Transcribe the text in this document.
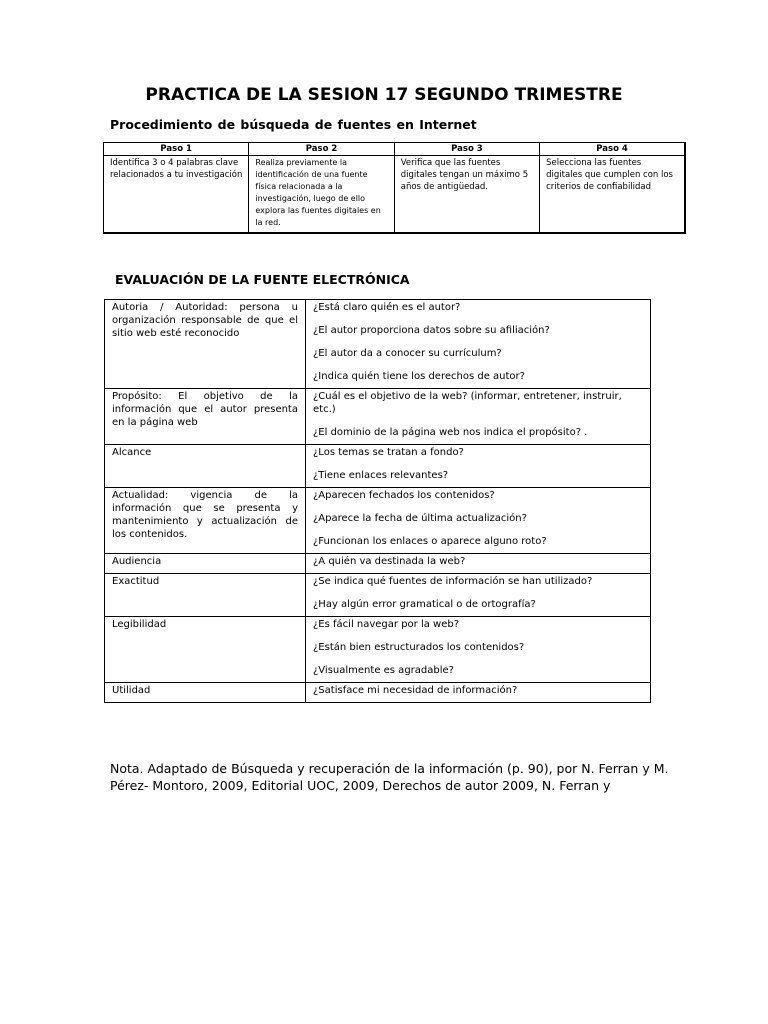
PRACTICA DE LA SESION 17 SEGUNDO TRIMESTRE
Procedimiento de búsqueda de fuentes en Internet
Paso 1	Paso 2	Paso 3	Paso 4
Identifica 3 o 4 palabras clave relacionados a tu investigación	Realiza previamente la identificación de una fuente física relacionada a la investigación, luego de ello explora las fuentes digitales en la red.	Verifica que las fuentes digitales tengan un máximo 5 años de antigüedad.	Selecciona las fuentes digitales que cumplen con los criterios de confiabilidad
EVALUACIÓN DE LA FUENTE ELECTRÓNICA
Autoria / Autoridad: persona u organización responsable de que el sitio web esté reconocido	¿Está claro quién es el autor?

¿El autor proporciona datos sobre su afiliación?

¿El autor da a conocer su currículum?

¿Indica quién tiene los derechos de autor?

Propósito: El objetivo de la información que el autor presenta en la página web	¿Cuál es el objetivo de la web? (informar, entretener, instruir, etc.)

¿El dominio de la página web nos indica el propósito? .

Alcance	¿Los temas se tratan a fondo?

¿Tiene enlaces relevantes?

Actualidad: vigencia de la información que se presenta y mantenimiento y actualización de los contenidos.	¿Aparecen fechados los contenidos?

¿Aparece la fecha de última actualización?

¿Funcionan los enlaces o aparece alguno roto?

Audiencia	¿A quién va destinada la web?

Exactitud	¿Se indica qué fuentes de información se han utilizado?

¿Hay algún error gramatical o de ortografía?

Legibilidad	¿Es fácil navegar por la web?

¿Están bien estructurados los contenidos?

¿Visualmente es agradable?

Utilidad	¿Satisface mi necesidad de información?

Nota. Adaptado de Búsqueda y recuperación de la información (p. 90), por N. Ferran y M. Pérez- Montoro, 2009, Editorial UOC, 2009, Derechos de autor 2009, N. Ferran y
